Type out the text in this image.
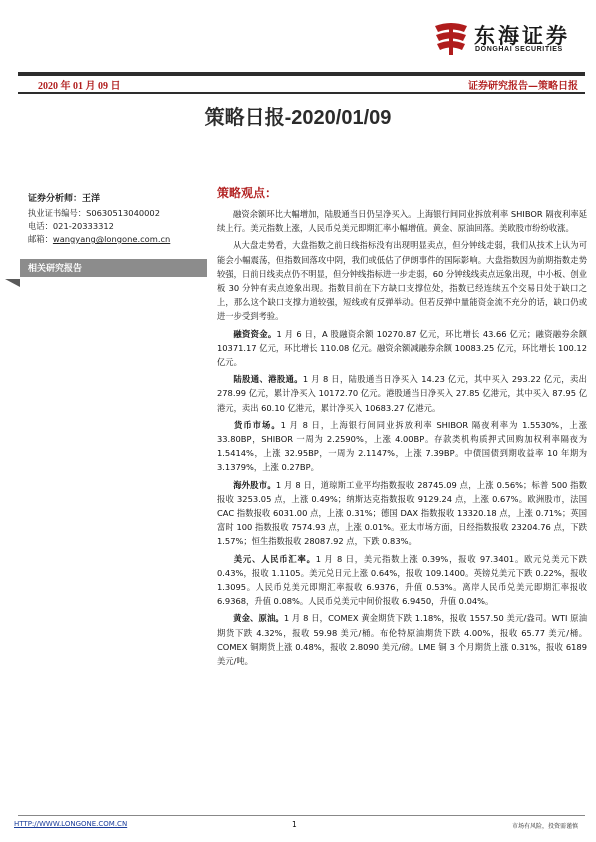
东海证券
DONGHAI SECURITIES
2020 年 01 月 09 日	证券研究报告—策略日报
策略日报-2020/01/09
证券分析师：王洋
执业证书编号：S0630513040002
电话：021-20333312
邮箱：wangyang@longone.com.cn
相关研究报告
策略观点：

融资余额环比大幅增加，陆股通当日仍呈净买入。上海银行间同业拆放利率 SHIBOR 隔夜利率延续上行。美元指数上涨，人民币兑美元即期汇率小幅增值。黄金、原油回落。美欧股市纷纷收涨。

从大盘走势看，大盘指数之前日线指标没有出现明显卖点，但分钟线走弱，我们从技术上认为可能会小幅震荡，但指数回落攻中阴，我们或低估了伊朗事件的国际影响。大盘指数因为前期指数走势较强，日前日线卖点仍不明显，但分钟线指标进一步走弱，60 分钟线线卖点远象出现，中小板、创业板 30 分钟有卖点迹象出现。指数目前在下方缺口支撑位处，指数已经连续五个交易日处于缺口之上，那么这个缺口支撑力道较强，短线或有反弹举动。但若反弹中量能资金流不充分的话，缺口仍或进一步受到考验。

融资资金。1 月 6 日，A 股融资余额 10270.87 亿元，环比增长 43.66 亿元；融资融券余额 10371.17 亿元，环比增长 110.08 亿元。融资余额减融券余额 10083.25 亿元，环比增长 100.12 亿元。

陆股通、港股通。1 月 8 日，陆股通当日净买入 14.23 亿元，其中买入 293.22 亿元，卖出 278.99 亿元，累计净买入 10172.70 亿元。港股通当日净买入 27.85 亿港元，其中买入 87.95 亿港元，卖出 60.10 亿港元，累计净买入 10683.27 亿港元。

货币市场。1 月 8 日，上海银行间同业拆放利率 SHIBOR 隔夜利率为 1.5530%，上涨 33.80BP，SHIBOR 一周为 2.2590%，上涨 4.00BP。存款类机构质押式回购加权利率隔夜为 1.5414%，上涨 32.95BP，一周为 2.1147%，上涨 7.39BP。中债国债到期收益率 10 年期为 3.1379%，上涨 0.27BP。

海外股市。1 月 8 日，道琼斯工业平均指数报收 28745.09 点，上涨 0.56%；标普 500 指数报收 3253.05 点，上涨 0.49%；纳斯达克指数报收 9129.24 点，上涨 0.67%。欧洲股市，法国 CAC 指数报收 6031.00 点，上涨 0.31%；德国 DAX 指数报收 13320.18 点，上涨 0.71%；英国富时 100 指数报收 7574.93 点，上涨 0.01%。亚太市场方面，日经指数报收 23204.76 点，下跌 1.57%；恒生指数报收 28087.92 点，下跌 0.83%。

美元、人民币汇率。1 月 8 日，美元指数上涨 0.39%，报收 97.3401。欧元兑美元下跌 0.43%，报收 1.1105。美元兑日元上涨 0.64%，报收 109.1400。英镑兑美元下跌 0.22%，报收 1.3095。人民币兑美元即期汇率报收 6.9376，升值 0.53%。离岸人民币兑美元即期汇率报收 6.9368，升值 0.08%。人民币兑美元中间价报收 6.9450，升值 0.04%。

黄金、原油。1 月 8 日，COMEX 黄金期货下跌 1.18%，报收 1557.50 美元/盎司。WTI 原油期货下跌 4.32%，报收 59.98 美元/桶。布伦特原油期货下跌 4.00%，报收 65.77 美元/桶。COMEX 铜期货上涨 0.48%，报收 2.8090 美元/磅。LME 铜 3 个月期货上涨 0.31%，报收 6189 美元/吨。

HTTP://WWW.LONGONE.COM.CN	1	市场有风险，投资需谨慎
